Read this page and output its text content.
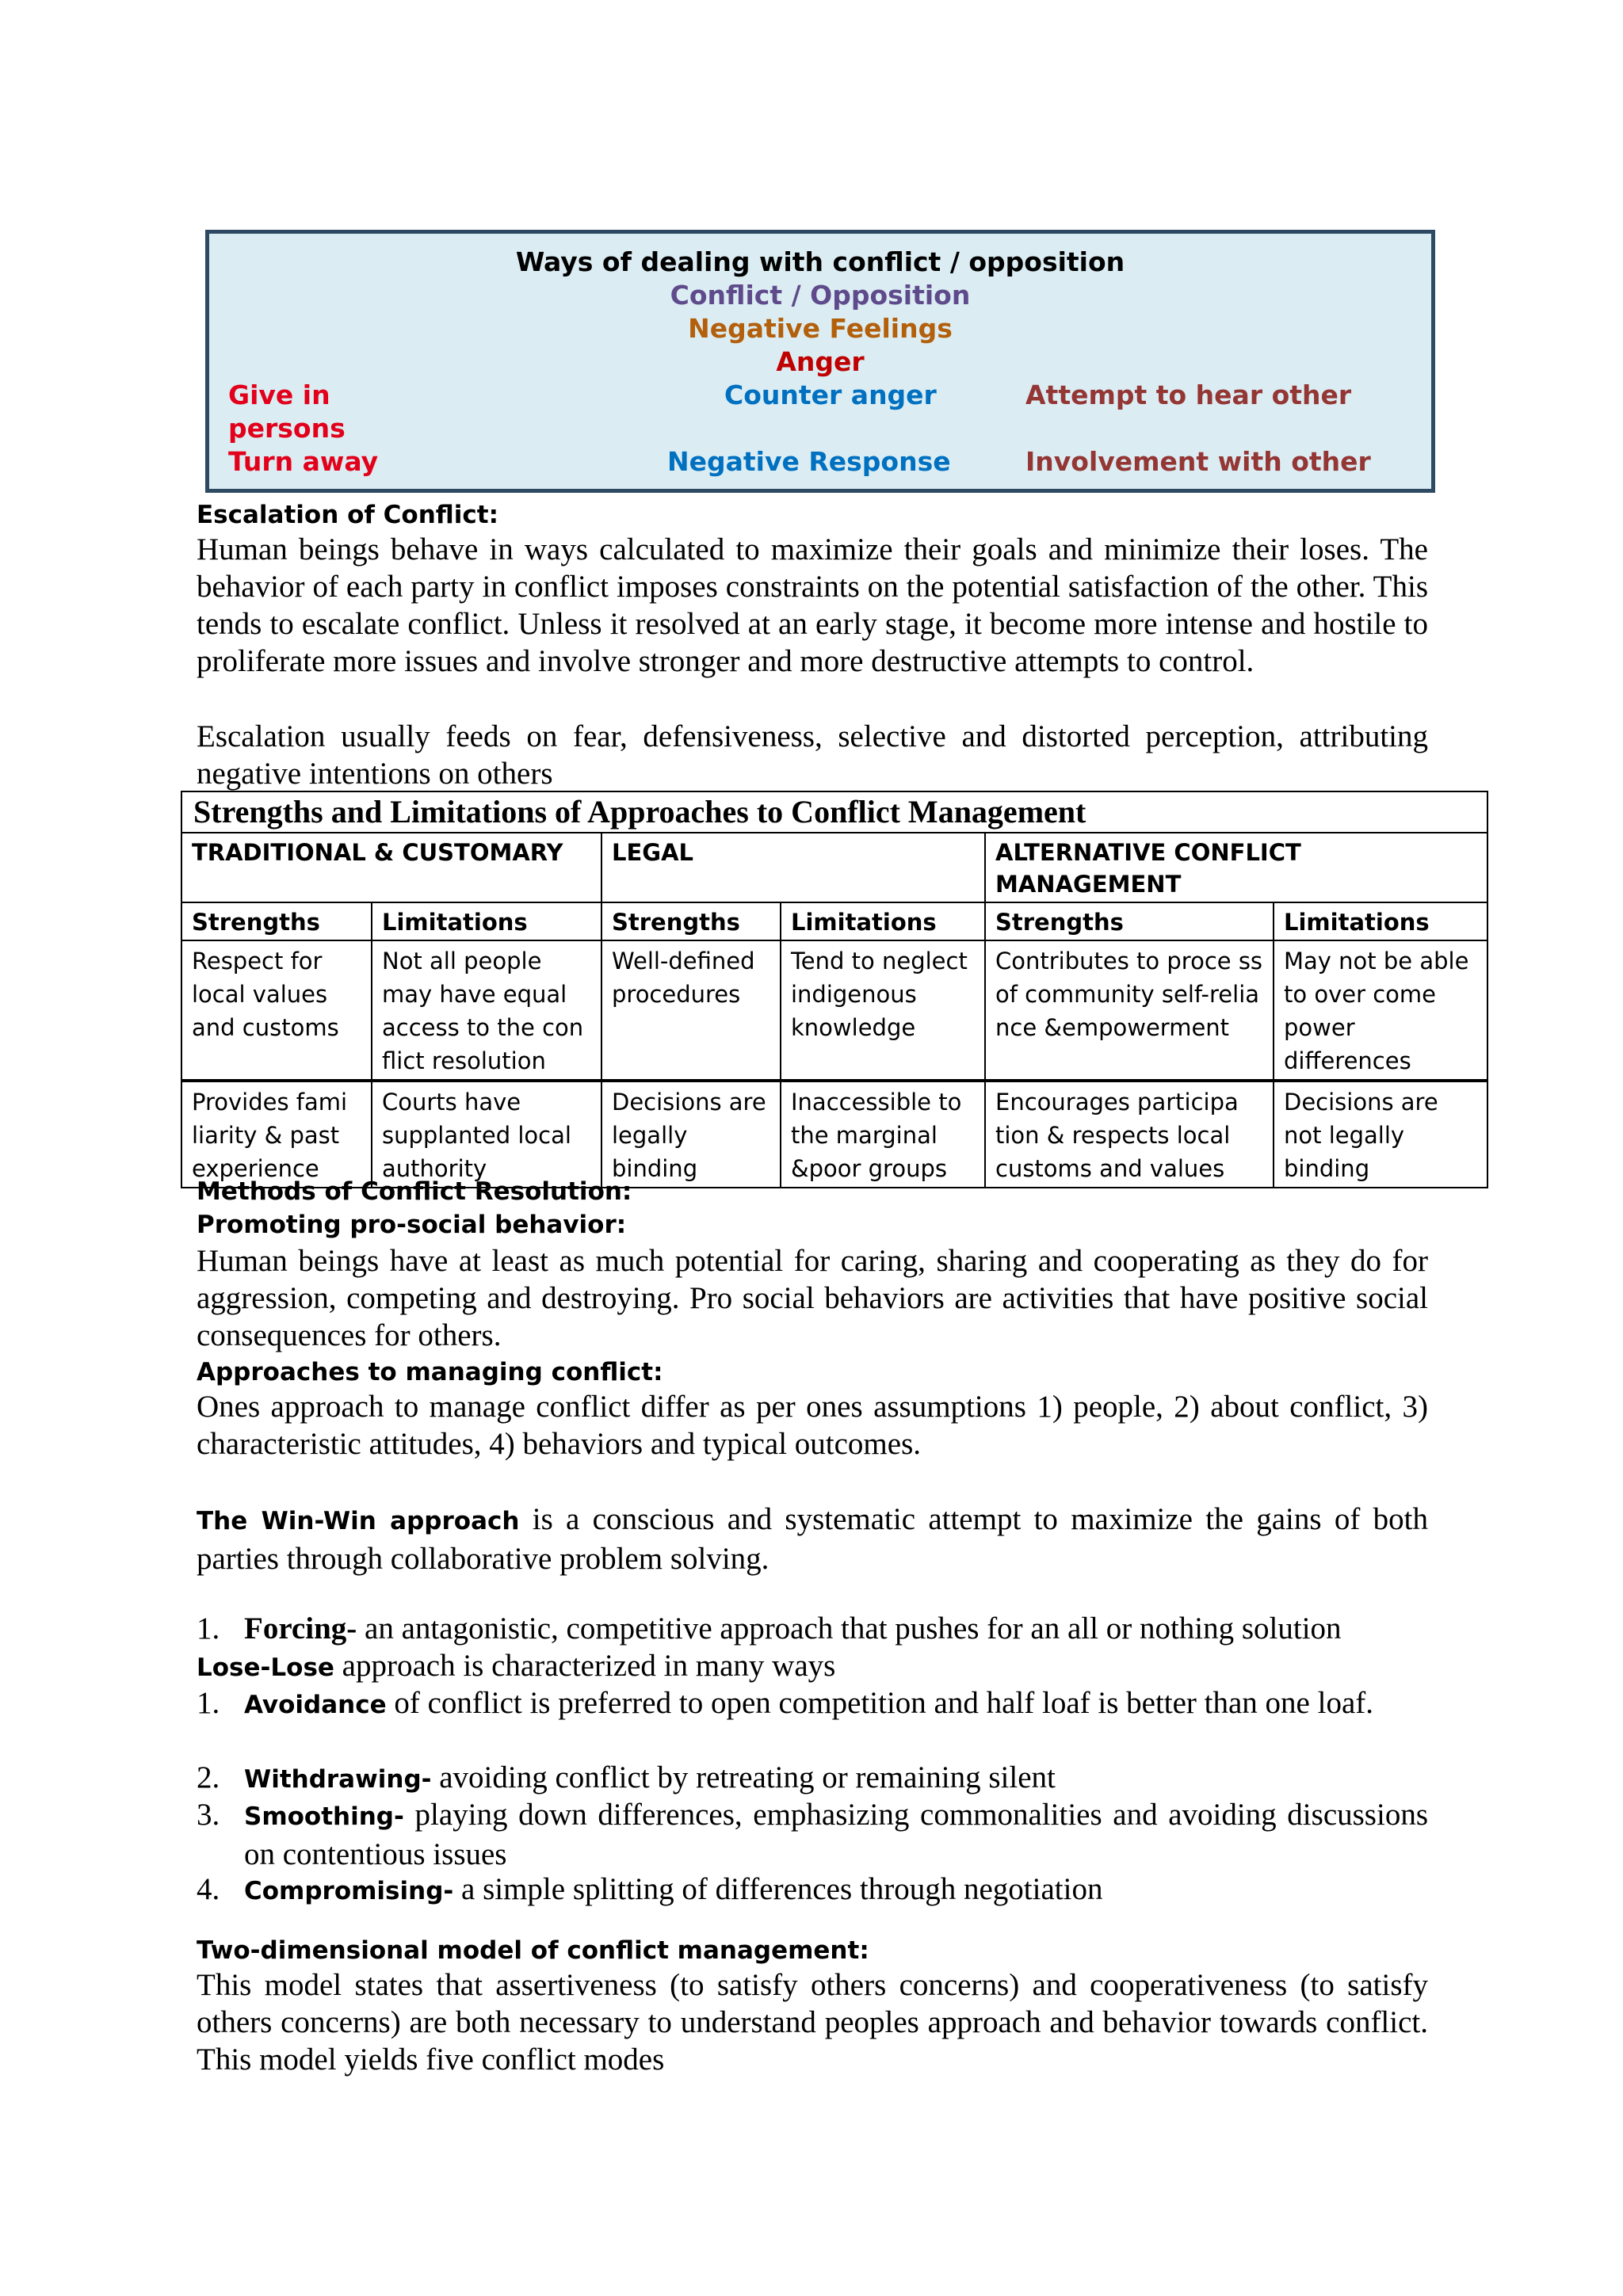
Ways of dealing with conflict / opposition
Conflict / Opposition
Negative Feelings
Anger
Give in
persons
Turn away
Counter anger
Negative Response
Attempt to hear other
Involvement with other
Escalation of Conflict:
Human beings behave in ways calculated to maximize their goals and minimize their loses. The behavior of each party in conflict imposes constraints on the potential satisfaction of the other. This tends to escalate conflict. Unless it resolved at an early stage, it become more intense and hostile to proliferate more issues and involve stronger and more destructive attempts to control.
Escalation usually feeds on fear, defensiveness, selective and distorted perception, attributing negative intentions on others
Strengths and Limitations of Approaches to Conflict Management					
TRADITIONAL & CUSTOMARY		LEGAL		ALTERNATIVE CONFLICT MANAGEMENT	
Strengths	Limitations	Strengths	Limitations	Strengths	Limitations
Respect for local values and customs	Not all people may have equal access to the con flict resolution	Well-defined procedures	Tend to neglect indigenous knowledge	Contributes to proce ss of community self-relia nce &empowerment	May not be able to over come power differences
Provides fami liarity & past experience	Courts have supplanted local authority	Decisions are legally binding	Inaccessible to the marginal &poor groups	Encourages participa tion & respects local customs and values	Decisions are not legally binding
Methods of Conflict Resolution:
Promoting pro-social behavior:
Human beings have at least as much potential for caring, sharing and cooperating as they do for aggression, competing and destroying. Pro social behaviors are activities that have positive social consequences for others.
Approaches to managing conflict:
Ones approach to manage conflict differ as per ones assumptions 1) people, 2) about conflict, 3) characteristic attitudes, 4) behaviors and typical outcomes.
The Win-Win approach is a conscious and systematic attempt to maximize the gains of both parties through collaborative problem solving.
1. Forcing- an antagonistic, competitive approach that pushes for an all or nothing solution
Lose-Lose approach is characterized in many ways
1. Avoidance of conflict is preferred to open competition and half loaf is better than one loaf.
2. Withdrawing- avoiding conflict by retreating or remaining silent
3. Smoothing- playing down differences, emphasizing commonalities and avoiding discussions on contentious issues
4. Compromising- a simple splitting of differences through negotiation
Two-dimensional model of conflict management:
This model states that assertiveness (to satisfy others concerns) and cooperativeness (to satisfy others concerns) are both necessary to understand peoples approach and behavior towards conflict. This model yields five conflict modes
